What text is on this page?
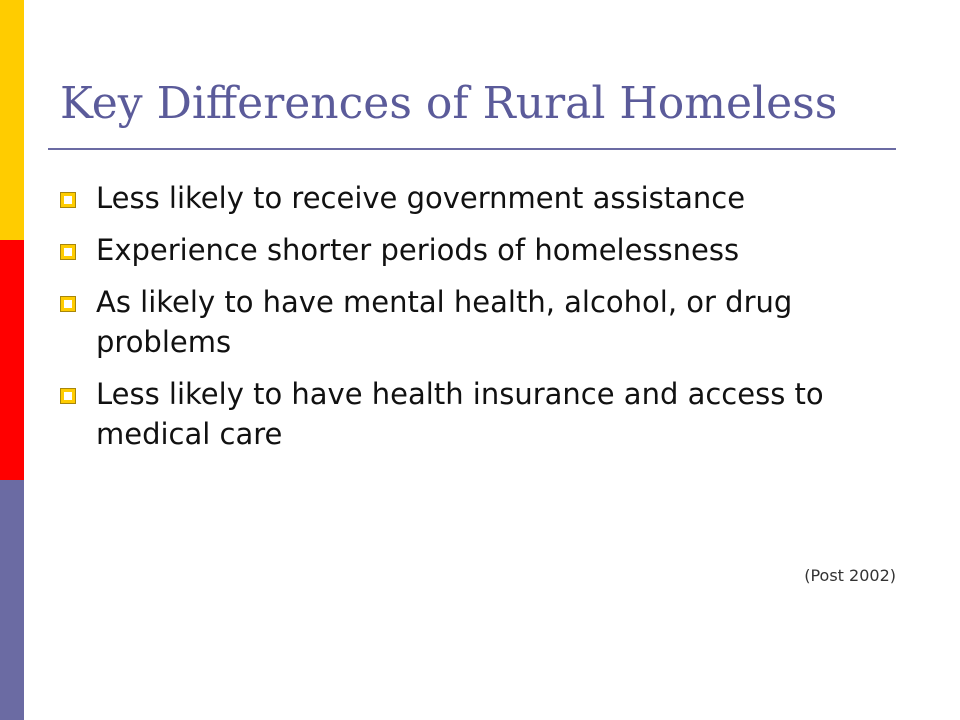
Key Differences of Rural Homeless
Less likely to receive government assistance
Experience shorter periods of homelessness
As likely to have mental health, alcohol, or drug problems
Less likely to have health insurance and access to medical care
(Post 2002)
